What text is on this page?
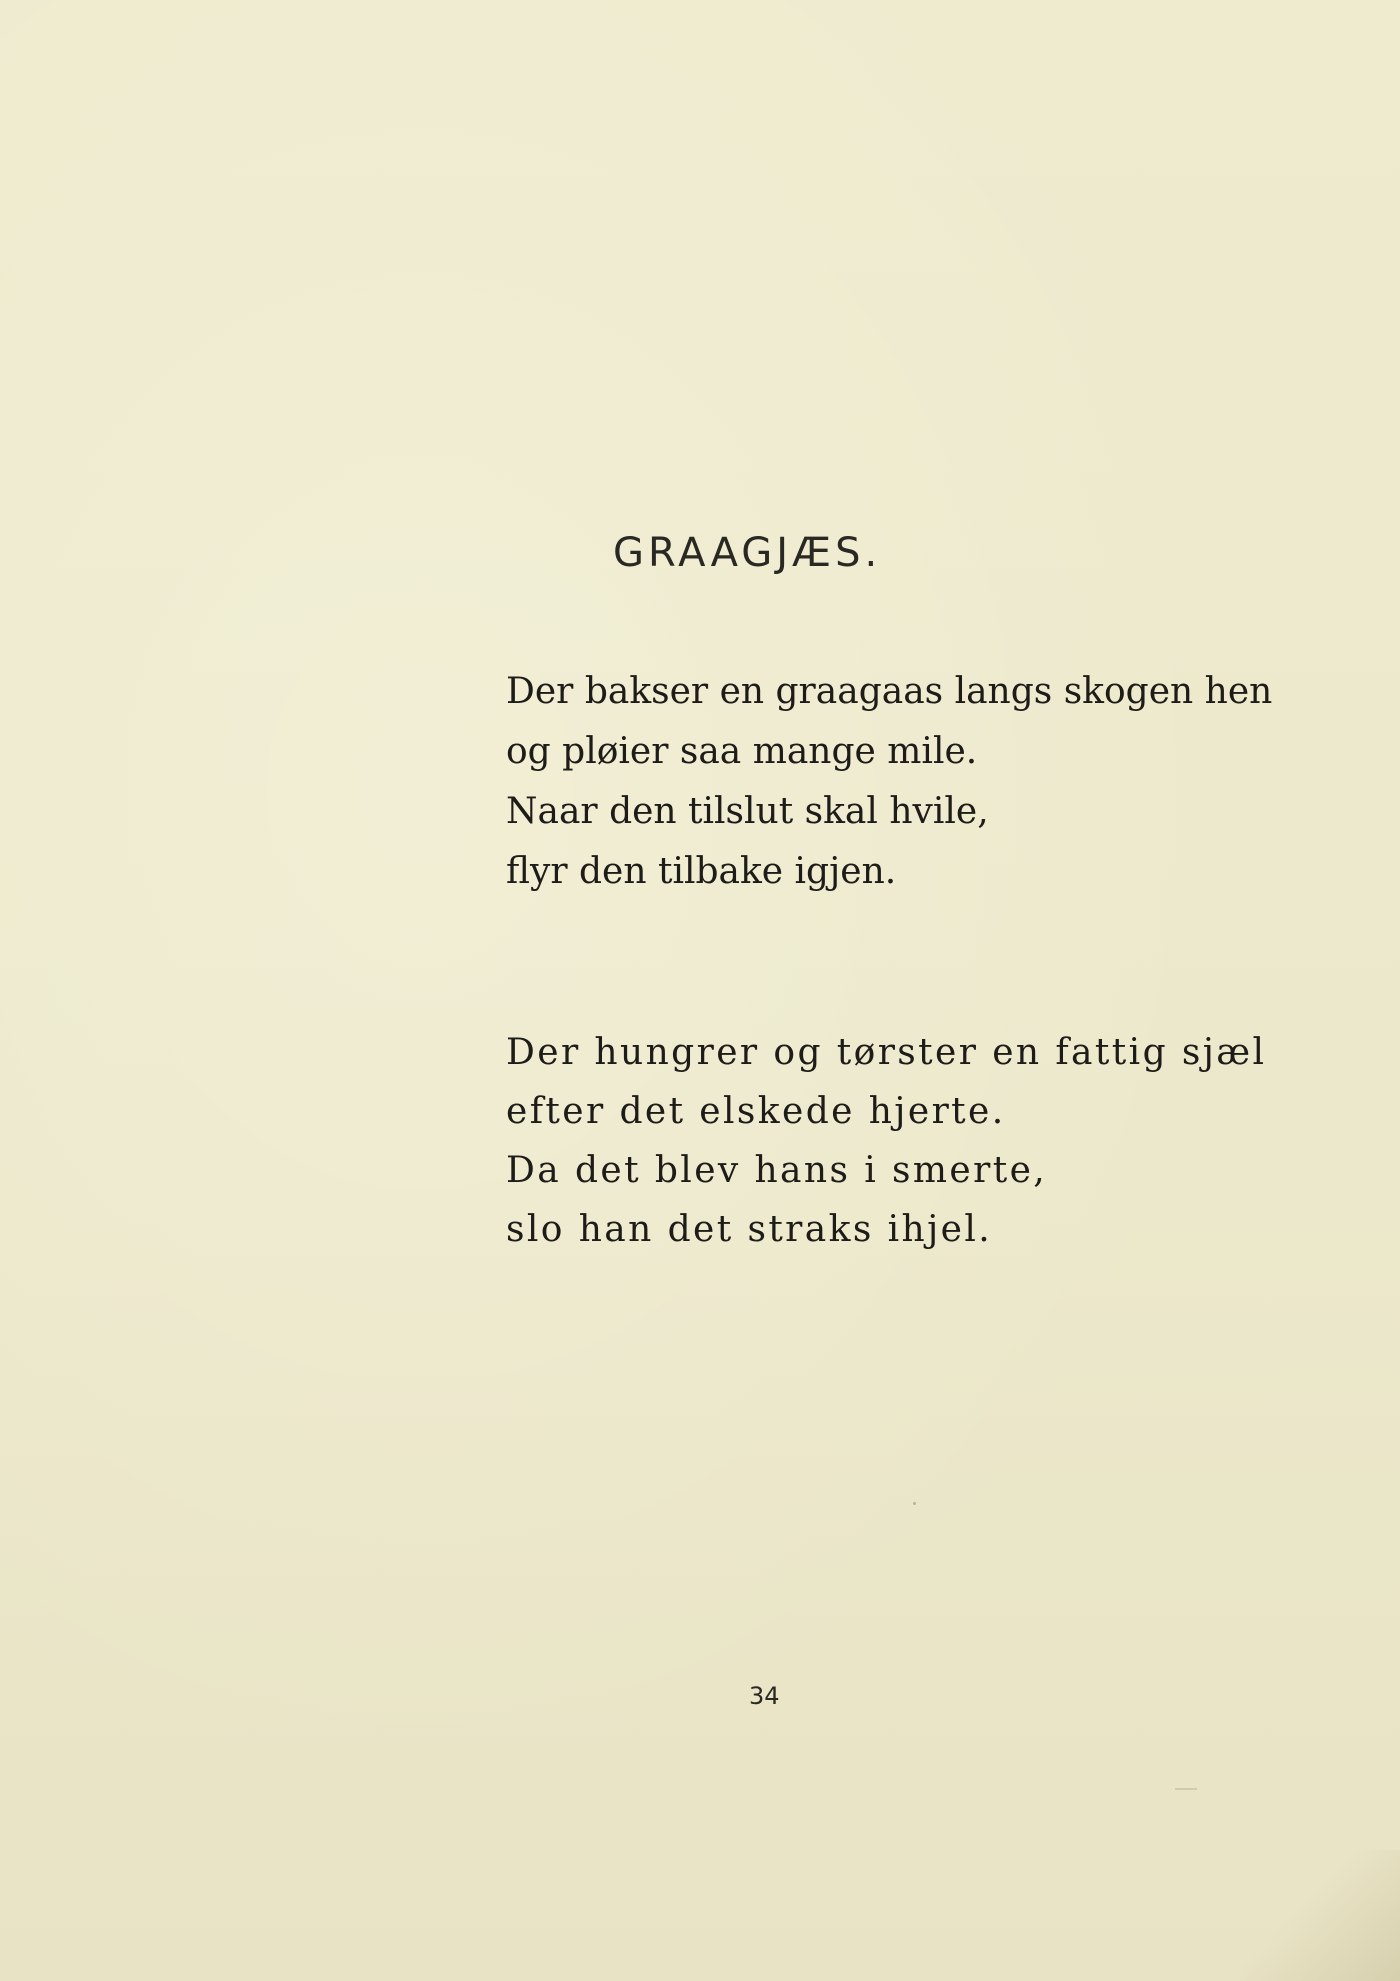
GRAAGJÆS.
Der bakser en graagaas langs skogen hen
og pløier saa mange mile.
Naar den tilslut skal hvile,
flyr den tilbake igjen.
Der hungrer og tørster en fattig sjæl
efter det elskede hjerte.
Da det blev hans i smerte,
slo han det straks ihjel.
34
